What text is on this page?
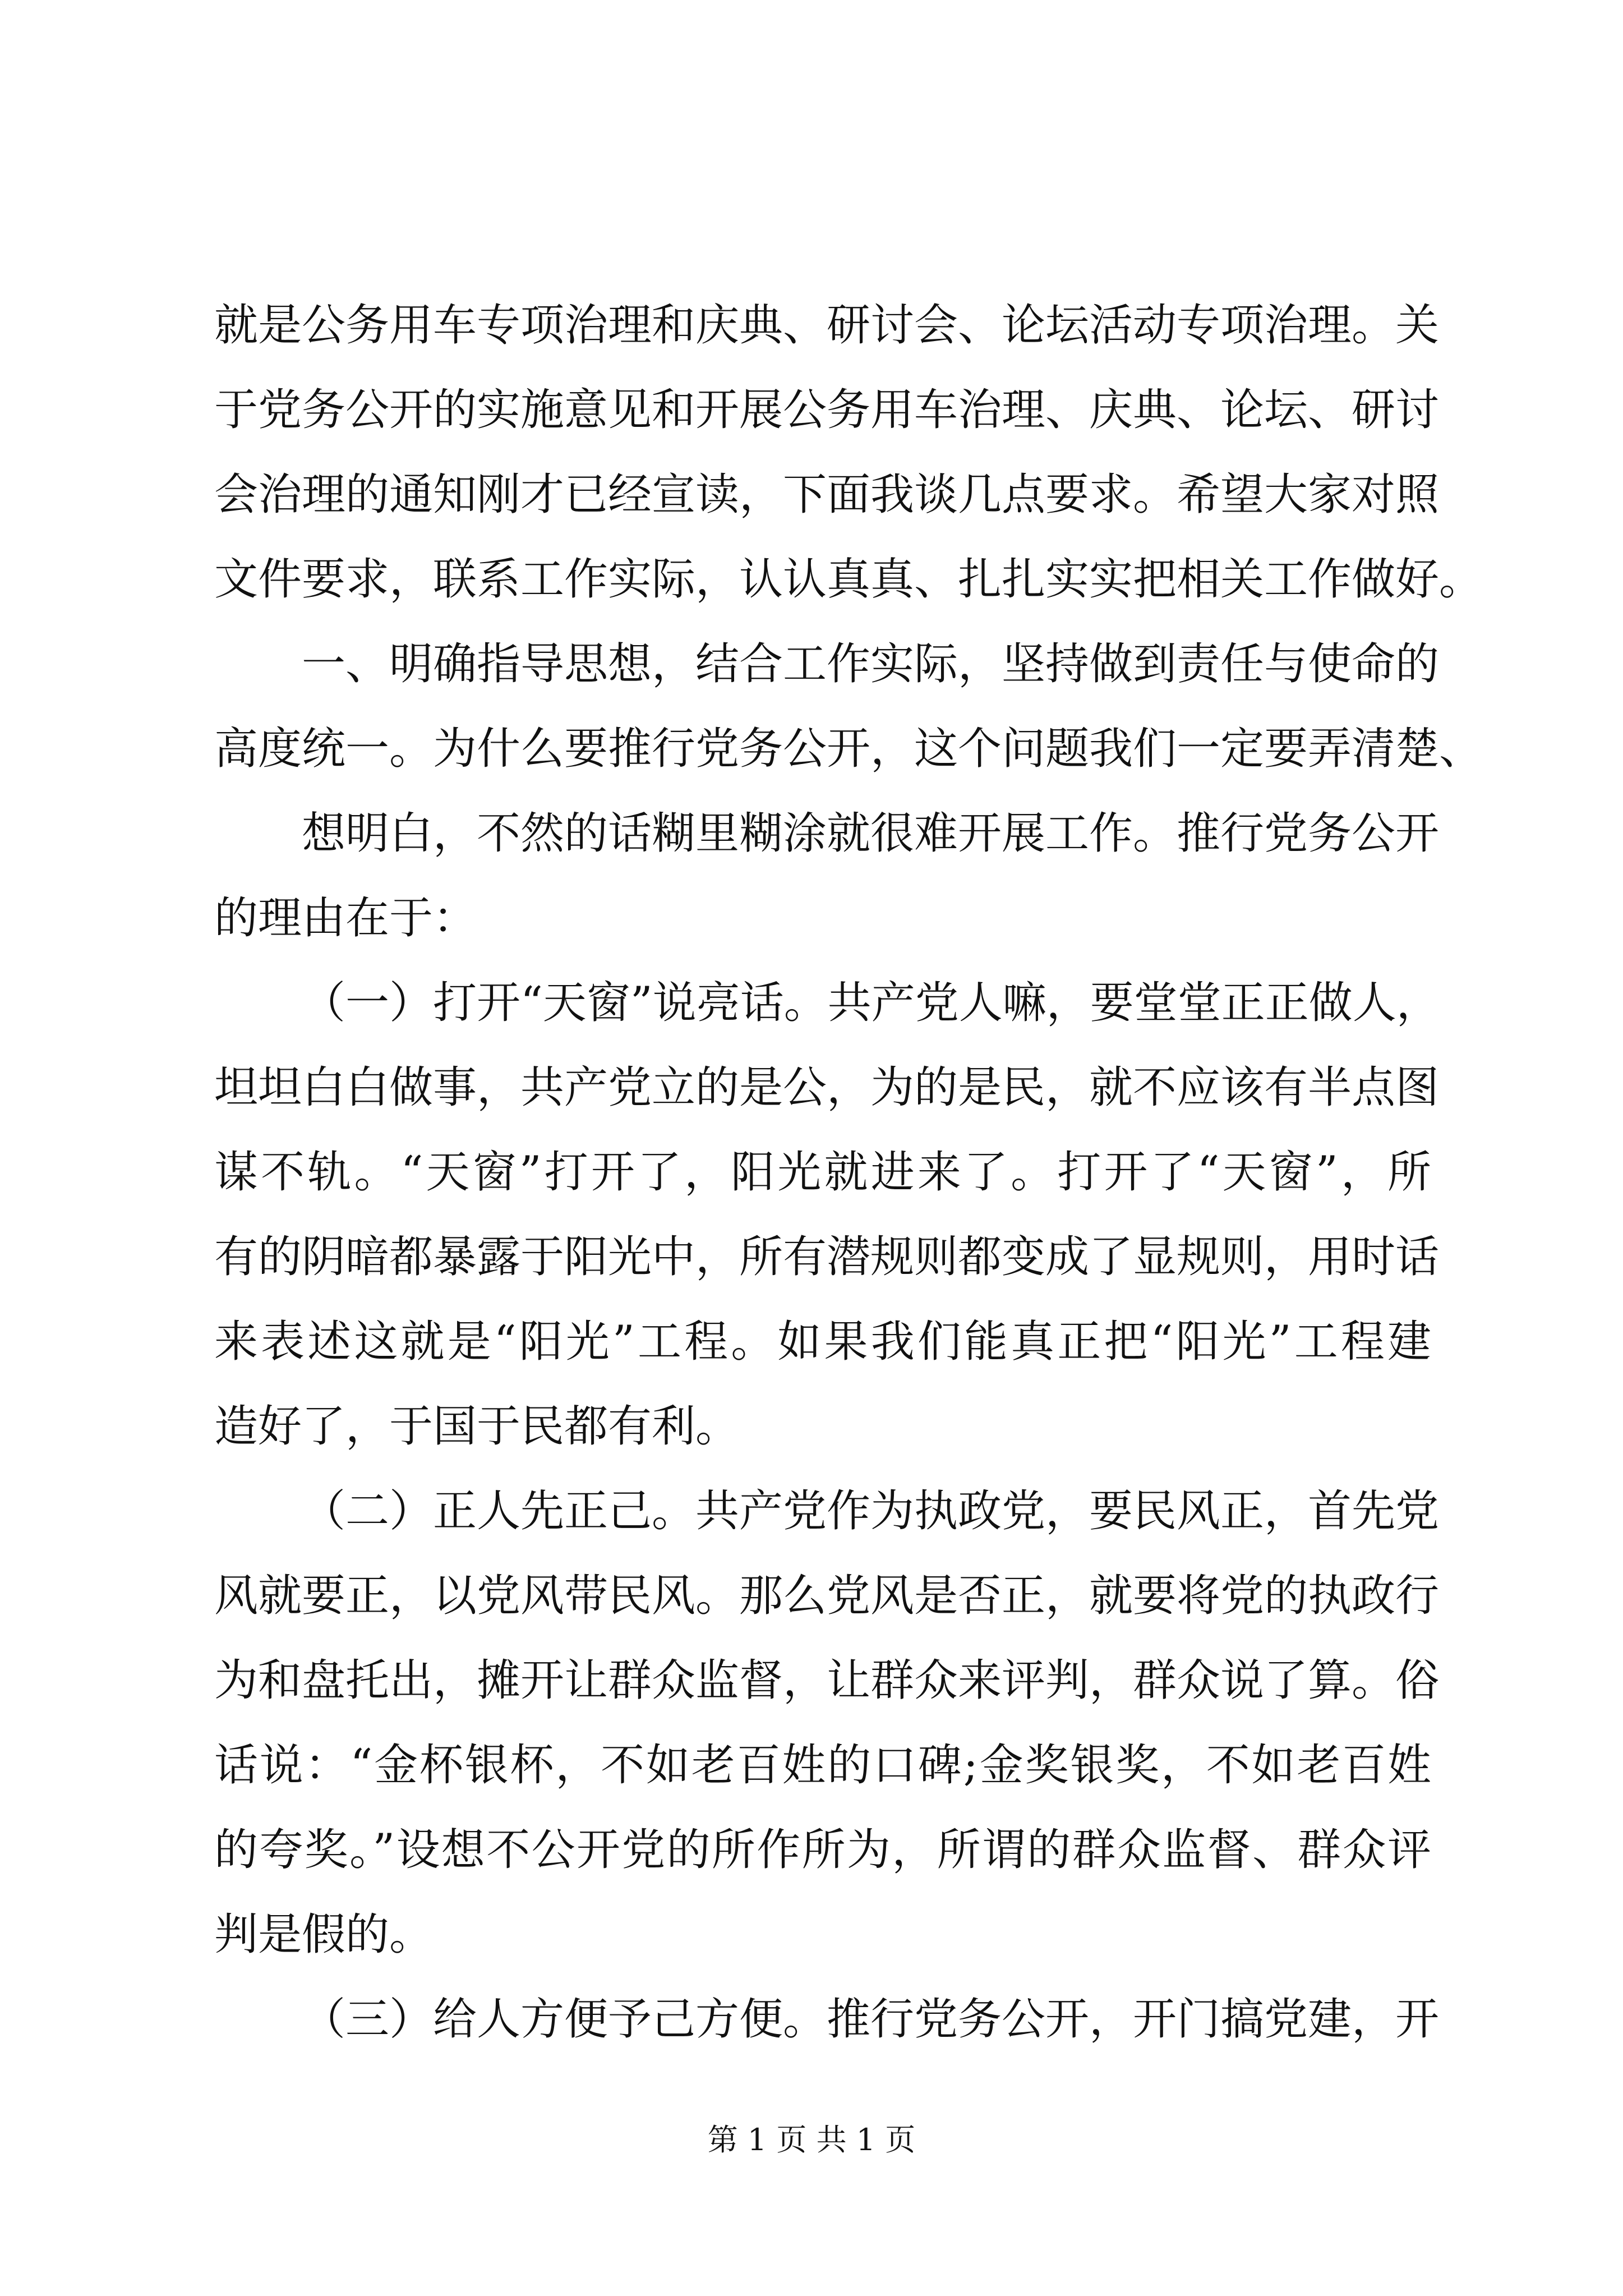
就是公务用车专项治理和庆典、研讨会、论坛活动专项治理。关
于党务公开的实施意见和开展公务用车治理、庆典、论坛、研讨
会治理的通知刚才已经宣读，下面我谈几点要求。希望大家对照
文件要求，联系工作实际，认认真真、扎扎实实把相关工作做好。
一、明确指导思想，结合工作实际，坚持做到责任与使命的
高度统一。为什么要推行党务公开，这个问题我们一定要弄清楚、
想明白，不然的话糊里糊涂就很难开展工作。推行党务公开
的理由在于：
（一）打开“天窗”说亮话。共产党人嘛，要堂堂正正做人，
坦坦白白做事，共产党立的是公，为的是民，就不应该有半点图
谋不轨。“天窗”打开了，阳光就进来了。打开了“天窗”，所
有的阴暗都暴露于阳光中，所有潜规则都变成了显规则，用时话
来表述这就是“阳光”工程。如果我们能真正把“阳光”工程建
造好了，于国于民都有利。
（二）正人先正己。共产党作为执政党，要民风正，首先党
风就要正，以党风带民风。那么党风是否正，就要将党的执政行
为和盘托出，摊开让群众监督，让群众来评判，群众说了算。俗
话说：“金杯银杯，不如老百姓的口碑;金奖银奖，不如老百姓
的夸奖。”设想不公开党的所作所为，所谓的群众监督、群众评
判是假的。
（三）给人方便予己方便。推行党务公开，开门搞党建，开
第 1 页 共 1 页
